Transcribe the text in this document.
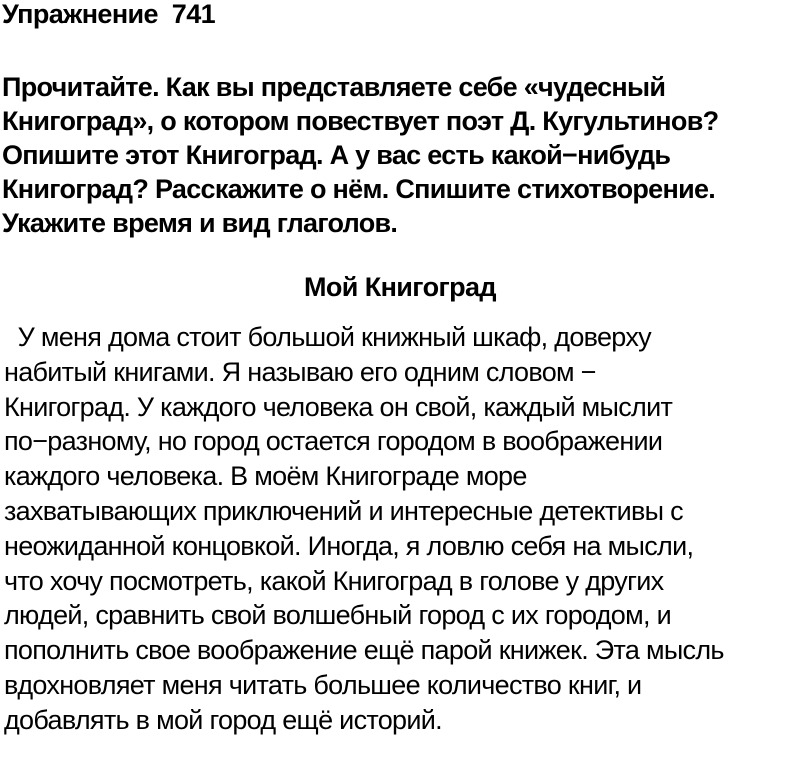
Упражнение  741

Прочитайте. Как вы представляете себе «чудесный
Книгоград», о котором повествует поэт Д. Кугультинов?
Опишите этот Книгоград. А у вас есть какой−нибудь
Книгоград? Расскажите о нём. Спишите стихотворение.
Укажите время и вид глаголов.

Мой Книгоград

У меня дома стоит большой книжный шкаф, доверху
набитый книгами. Я называю его одним словом −
Книгоград. У каждого человека он свой, каждый мыслит
по−разному, но город остается городом в воображении
каждого человека. В моём Книгограде море
захватывающих приключений и интересные детективы с
неожиданной концовкой. Иногда, я ловлю себя на мысли,
что хочу посмотреть, какой Книгоград в голове у других
людей, сравнить свой волшебный город с их городом, и
пополнить свое воображение ещё парой книжек. Эта мысль
вдохновляет меня читать большее количество книг, и
добавлять в мой город ещё историй.
